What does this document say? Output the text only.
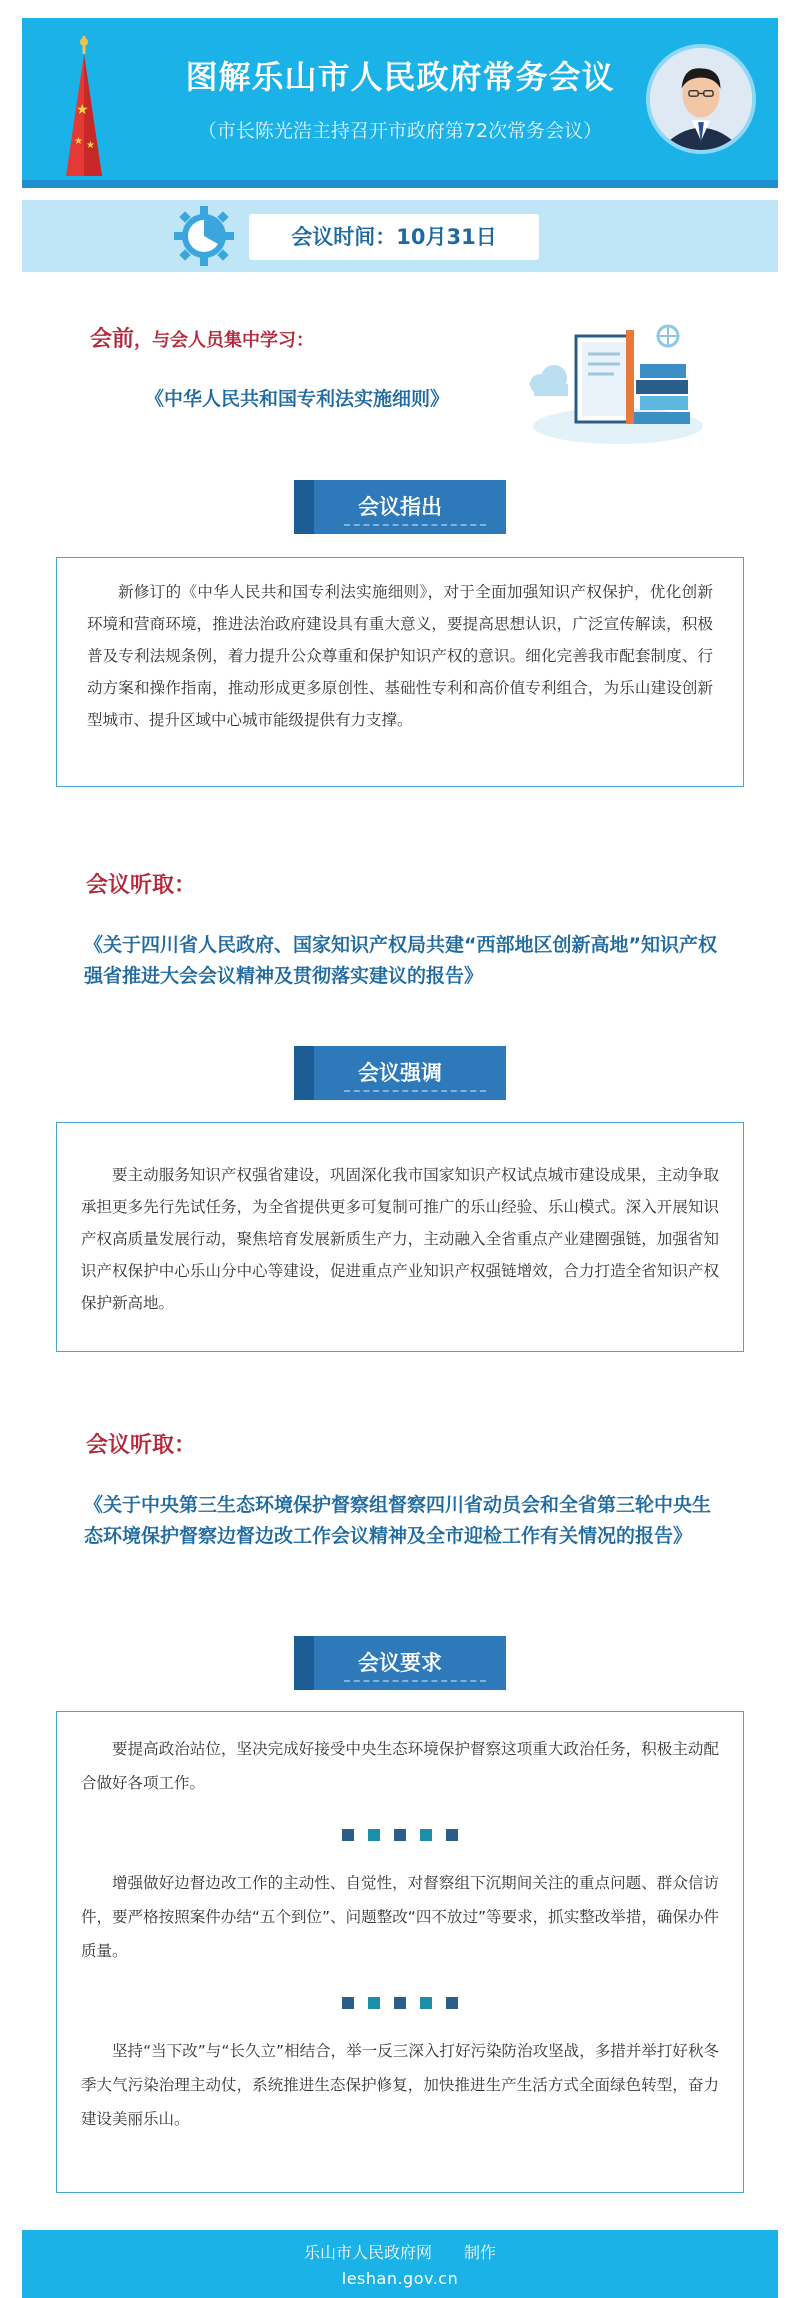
★
★ ★
图解乐山市人民政府常务会议
（市长陈光浩主持召开市政府第72次常务会议）
会议时间：10月31日
会前，与会人员集中学习：
《中华人民共和国专利法实施细则》
会议指出

新修订的《中华人民共和国专利法实施细则》，对于全面加强知识产权保护，优化创新环境和营商环境，推进法治政府建设具有重大意义，要提高思想认识，广泛宣传解读，积极普及专利法规条例，着力提升公众尊重和保护知识产权的意识。细化完善我市配套制度、行动方案和操作指南，推动形成更多原创性、基础性专利和高价值专利组合，为乐山建设创新型城市、提升区域中心城市能级提供有力支撑。

会议听取：
《关于四川省人民政府、国家知识产权局共建“西部地区创新高地”知识产权强省推进大会会议精神及贯彻落实建议的报告》
会议强调

要主动服务知识产权强省建设，巩固深化我市国家知识产权试点城市建设成果，主动争取承担更多先行先试任务，为全省提供更多可复制可推广的乐山经验、乐山模式。深入开展知识产权高质量发展行动，聚焦培育发展新质生产力，主动融入全省重点产业建圈强链，加强省知识产权保护中心乐山分中心等建设，促进重点产业知识产权强链增效，合力打造全省知识产权保护新高地。

会议听取：
《关于中央第三生态环境保护督察组督察四川省动员会和全省第三轮中央生态环境保护督察边督边改工作会议精神及全市迎检工作有关情况的报告》
会议要求

要提高政治站位，坚决完成好接受中央生态环境保护督察这项重大政治任务，积极主动配合做好各项工作。

增强做好边督边改工作的主动性、自觉性，对督察组下沉期间关注的重点问题、群众信访件，要严格按照案件办结“五个到位”、问题整改“四不放过”等要求，抓实整改举措，确保办件质量。

坚持“当下改”与“长久立”相结合，举一反三深入打好污染防治攻坚战，多措并举打好秋冬季大气污染治理主动仗，系统推进生态保护修复，加快推进生产生活方式全面绿色转型，奋力建设美丽乐山。

乐山市人民政府网　　制作
leshan.gov.cn
